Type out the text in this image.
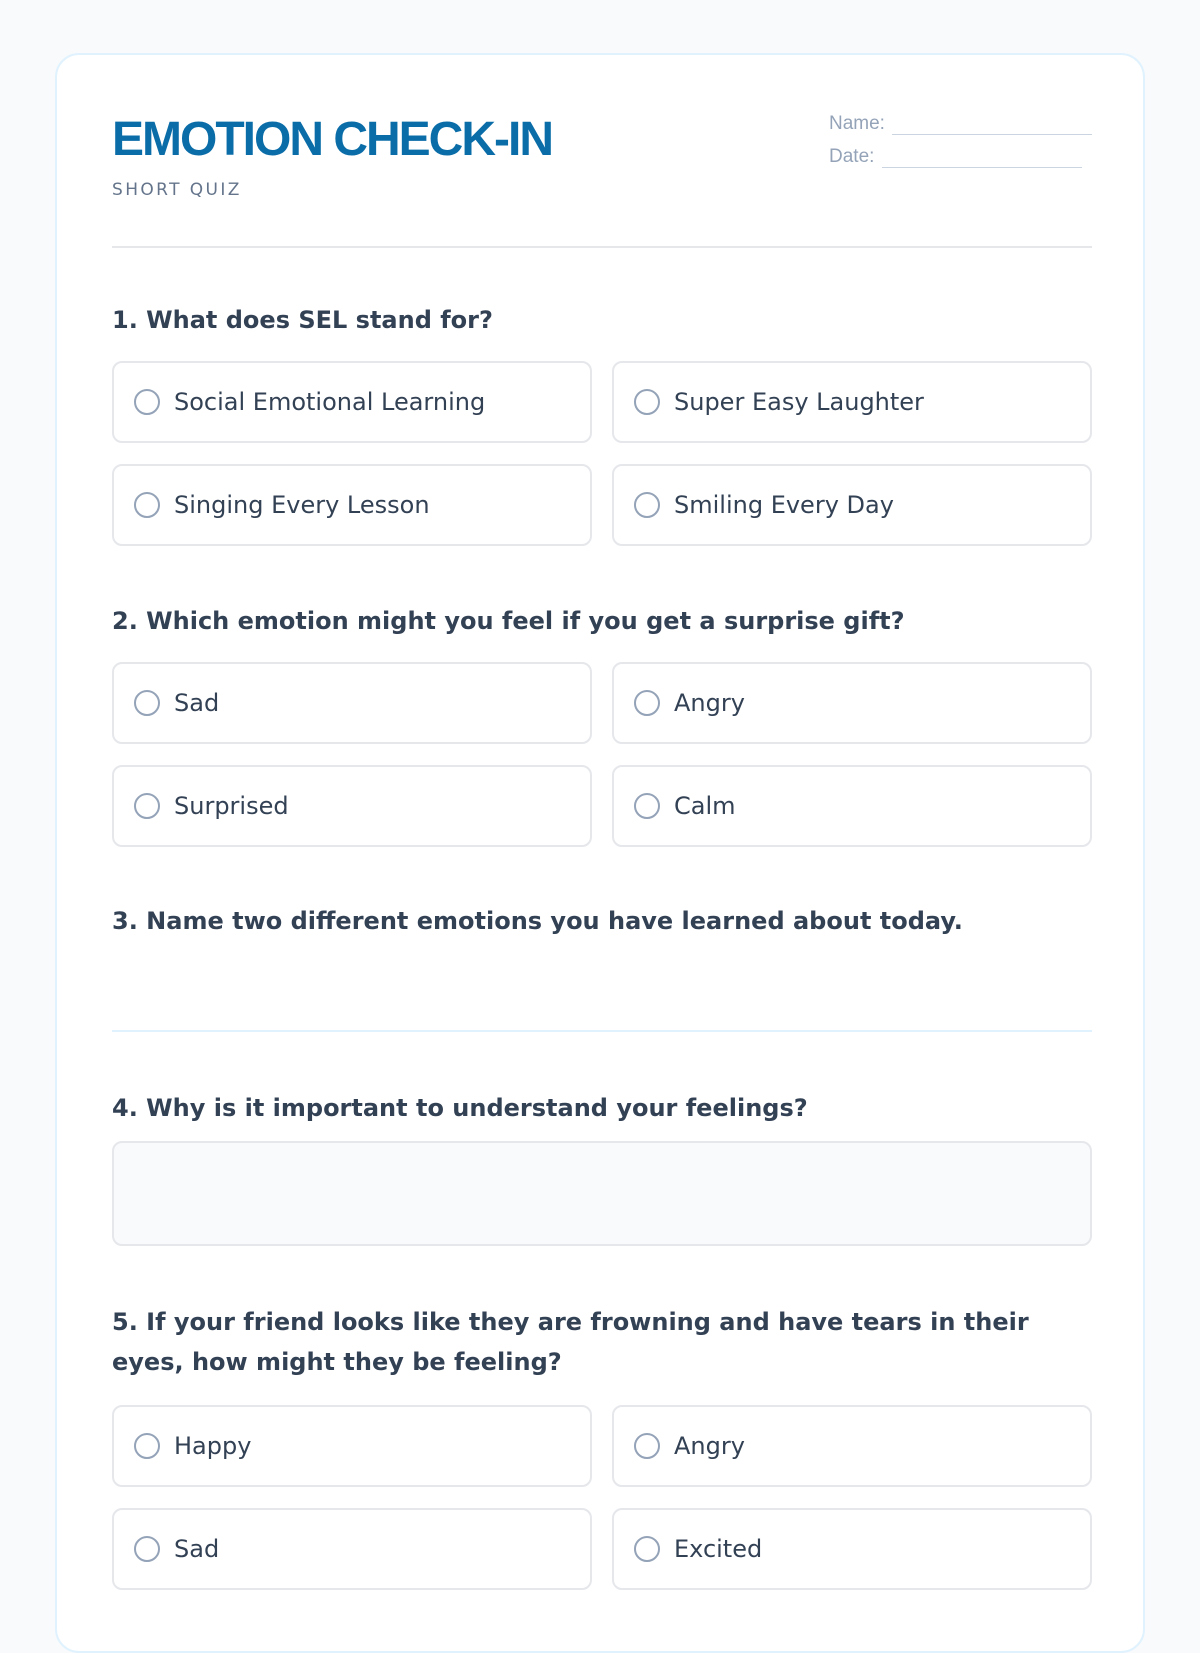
EMOTION CHECK-IN
SHORT QUIZ
Name:
Date:

1. What does SEL stand for?

Social Emotional Learning	Super Easy Laughter
Singing Every Lesson	Smiling Every Day

2. Which emotion might you feel if you get a surprise gift?

Sad	Angry
Surprised	Calm

3. Name two different emotions you have learned about today.

4. Why is it important to understand your feelings?

5. If your friend looks like they are frowning and have tears in their eyes, how might they be feeling?

Happy	Angry
Sad	Excited
